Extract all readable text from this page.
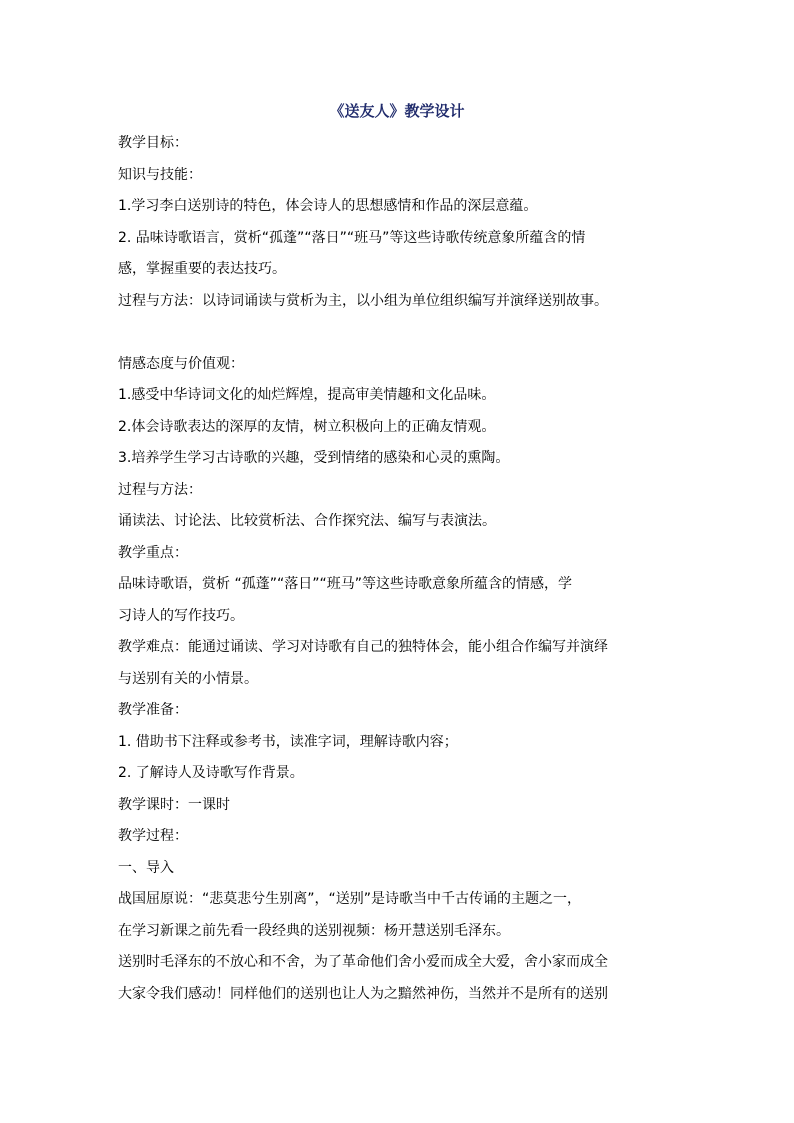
《送友人》教学设计
教学目标：
知识与技能：
1.学习李白送别诗的特色，体会诗人的思想感情和作品的深层意蕴。
2. 品味诗歌语言，赏析“孤蓬”“落日”“班马”等这些诗歌传统意象所蕴含的情
感，掌握重要的表达技巧。
过程与方法：以诗词诵读与赏析为主，以小组为单位组织编写并演绎送别故事。
情感态度与价值观：
1.感受中华诗词文化的灿烂辉煌，提高审美情趣和文化品味。
2.体会诗歌表达的深厚的友情，树立积极向上的正确友情观。
3.培养学生学习古诗歌的兴趣，受到情绪的感染和心灵的熏陶。
过程与方法：
诵读法、讨论法、比较赏析法、合作探究法、编写与表演法。
教学重点：
品味诗歌语，赏析 “孤蓬”“落日”“班马”等这些诗歌意象所蕴含的情感，学
习诗人的写作技巧。
教学难点：能通过诵读、学习对诗歌有自己的独特体会，能小组合作编写并演绎
与送别有关的小情景。
教学准备：
1. 借助书下注释或参考书，读准字词，理解诗歌内容；
2. 了解诗人及诗歌写作背景。
教学课时：一课时
教学过程：
一、导入
战国屈原说：“悲莫悲兮生别离”，“送别”是诗歌当中千古传诵的主题之一，
在学习新课之前先看一段经典的送别视频：杨开慧送别毛泽东。
送别时毛泽东的不放心和不舍，为了革命他们舍小爱而成全大爱，舍小家而成全
大家令我们感动！同样他们的送别也让人为之黯然神伤，当然并不是所有的送别
